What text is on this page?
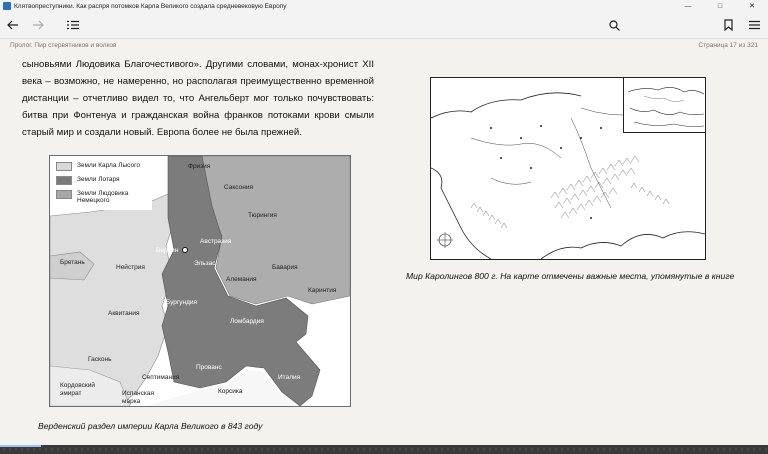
Клятвопреступники. Как распря потомков Карла Великого создала средневековую Европу	—	□	✕
Пролог. Пир стервятников и волков	Страница 17 из 321
сыновьями Людовика Благочестивого». Другими словами, монах-хронист XII
века – возможно, не намеренно, но располагая преимущественно временной
дистанции – отчетливо видел то, что Ангельберт мог только почувствовать:
битва при Фонтенуа и гражданская война франков потоками крови смыли
старый мир и создали новый. Европа более не была прежней.
Земли Карла Лысого
Земли Лотаря
Земли Людовика Немецкого
Фризия
Саксония
Тюрингия
Австразия
Верден
Эльзас
Бретань
Нейстрия	Бавария
Алемания
Каринтия
Бургундия
Аквитания
Ломбардия
Гасконь
Прованс
Септимания	Италия
Кордовский эмират	Испанская марка
Корсика
Верденский раздел империи Карла Великого в 843 году
Мир Каролингов 800 г. На карте отмечены важные места, упомянутые в книге
